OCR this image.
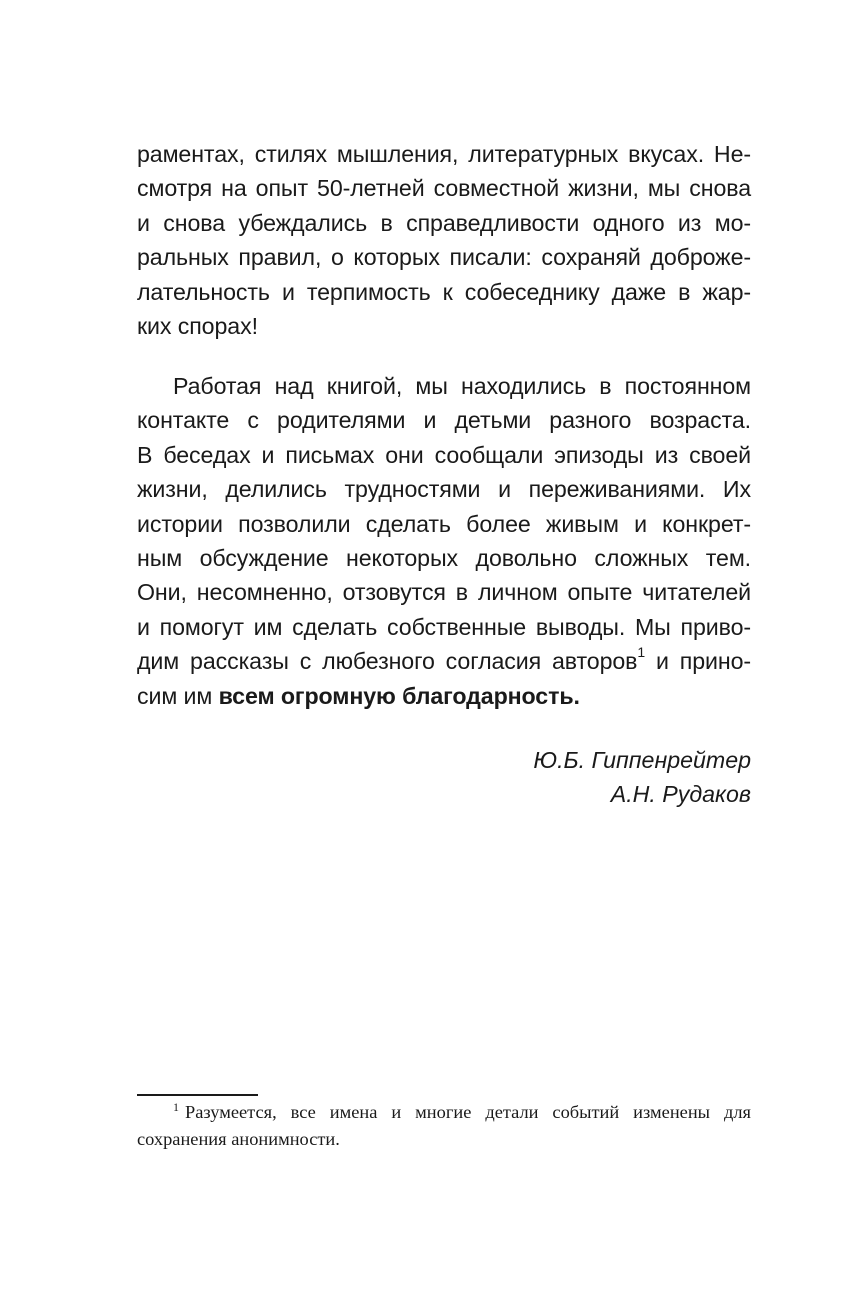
раментах, стилях мышления, литературных вкусах. Не-
смотря на опыт 50-летней совместной жизни, мы снова
и снова убеждались в справедливости одного из мо-
ральных правил, о которых писали: сохраняй доброже-
лательность и терпимость к собеседнику даже в жар-
ких спорах!
Работая над книгой, мы находились в постоянном
контакте с родителями и детьми разного возраста.
В беседах и письмах они сообщали эпизоды из своей
жизни, делились трудностями и переживаниями. Их
истории позволили сделать более живым и конкрет-
ным обсуждение некоторых довольно сложных тем.
Они, несомненно, отзовутся в личном опыте читателей
и помогут им сделать собственные выводы. Мы приво-
дим рассказы с любезного согласия авторов$^1$ и прино-
сим им всем огромную благодарность.
Ю.Б. Гиппенрейтер
А.Н. Рудаков
$^1$ Разумеется, все имена и многие детали событий изменены для
сохранения анонимности.
